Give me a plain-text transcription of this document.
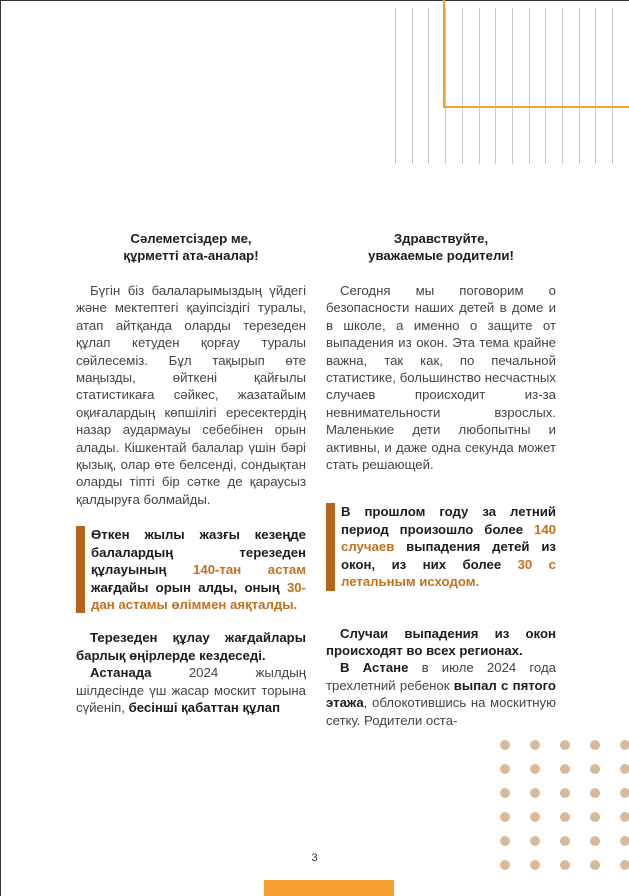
Сәлеметсіздер ме,
құрметті ата-аналар!

Бүгін біз балаларымыздың үйдегі және мектептегі қауіпсіздігі туралы, атап айтқанда оларды терезеден құлап кетуден қорғау туралы сөйлесеміз. Бұл тақырып өте маңызды, өйткені қайғылы статистикаға сәйкес, жазатайым оқиғалардың көпшілігі ересектердің назар аудармауы себебінен орын алады. Кішкентай балалар үшін бәрі қызық, олар өте белсенді, сондықтан оларды тіпті бір сәтке де қараусыз қалдыруға болмайды.

Өткен жылы жазғы кезеңде балалардың терезеден құлауының 140-тан астам жағдайы орын алды, оның 30-дан астамы өліммен аяқталды.

Терезеден құлау жағдайлары барлық өңірлерде кездеседі.

Астанада 2024 жылдың шілдесінде үш жасар москит торына сүйеніп, бесінші қабаттан құлап

Здравствуйте,
уважаемые родители!

Сегодня мы поговорим о безопасности наших детей в доме и в школе, а именно о защите от выпадения из окон. Эта тема крайне важна, так как, по печальной статистике, большинство несчастных случаев происходит из-за невнимательности взрослых. Маленькие дети любопытны и активны, и даже одна секунда может стать решающей.

В прошлом году за летний период произошло более 140 случаев выпадения детей из окон, из них более 30 с летальным исходом.

Случаи выпадения из окон происходят во всех регионах.

В Астане в июле 2024 года трехлетний ребенок выпал с пятого этажа, облокотившись на москитную сетку. Родители оста-

3
